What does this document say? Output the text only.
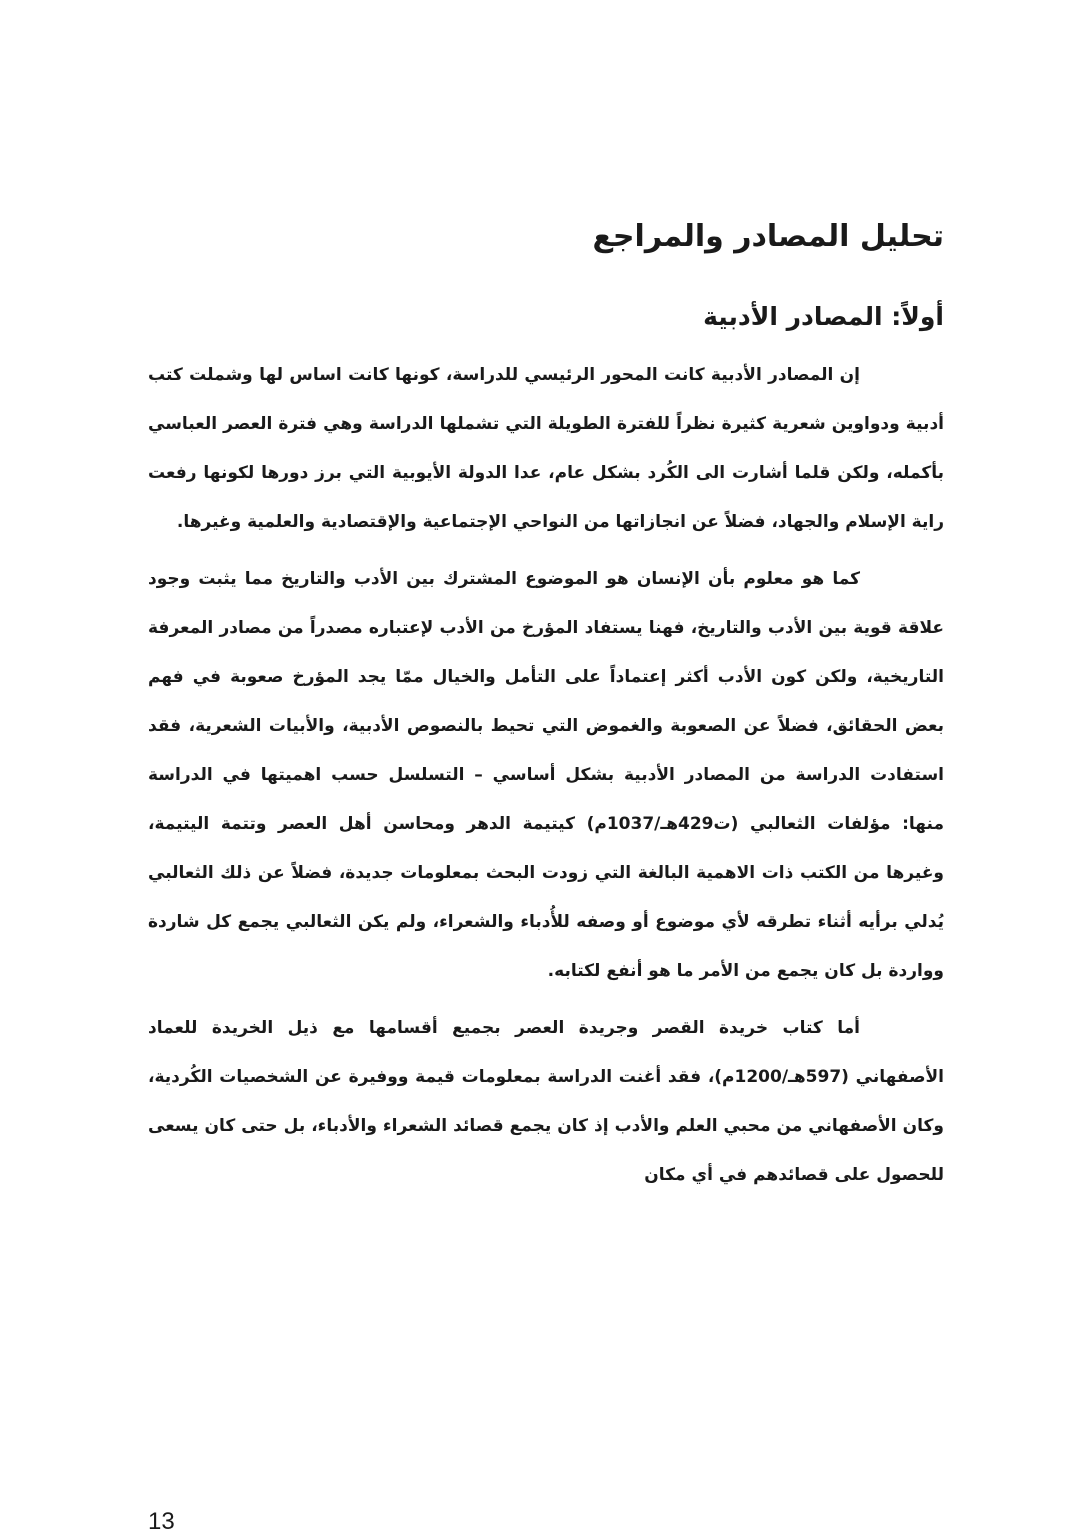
تحليل المصادر والمراجع
أولاً: المصادر الأدبية

إن المصادر الأدبية كانت المحور الرئيسي للدراسة، كونها كانت اساس لها وشملت كتب أدبية ودواوين شعرية كثيرة نظراً للفترة الطويلة التي تشملها الدراسة وهي فترة العصر العباسي بأكمله، ولكن قلما أشارت الى الكُرد بشكل عام، عدا الدولة الأيوبية التي برز دورها لكونها رفعت راية الإسلام والجهاد، فضلاً عن انجازاتها من النواحي الإجتماعية والإقتصادية والعلمية وغيرها.

كما هو معلوم بأن الإنسان هو الموضوع المشترك بين الأدب والتاريخ مما يثبت وجود علاقة قوية بين الأدب والتاريخ، فهنا يستفاد المؤرخ من الأدب لإعتباره مصدراً من مصادر المعرفة التاريخية، ولكن كون الأدب أكثر إعتماداً على التأمل والخيال ممّا يجد المؤرخ صعوبة في فهم بعض الحقائق، فضلاً عن الصعوبة والغموض التي تحيط بالنصوص الأدبية، والأبيات الشعرية، فقد استفادت الدراسة من المصادر الأدبية بشكل أساسي – التسلسل حسب اهميتها في الدراسة منها: مؤلفات الثعالبي (ت429هـ/1037م) كيتيمة الدهر ومحاسن أهل العصر وتتمة اليتيمة، وغيرها من الكتب ذات الاهمية البالغة التي زودت البحث بمعلومات جديدة، فضلاً عن ذلك الثعالبي يُدلي برأيه أثناء تطرقه لأي موضوع أو وصفه للأُدباء والشعراء، ولم يكن الثعالبي يجمع كل شاردة وواردة بل كان يجمع من الأمر ما هو أنفع لكتابه.

أما كتاب خريدة القصر وجريدة العصر بجميع أقسامها مع ذيل الخريدة للعماد الأصفهاني (597هـ/1200م)، فقد أغنت الدراسة بمعلومات قيمة ووفيرة عن الشخصيات الكُردية، وكان الأصفهاني من محبي العلم والأدب إذ كان يجمع قصائد الشعراء والأدباء، بل حتى كان يسعى للحصول على قصائدهم في أي مكان

13
